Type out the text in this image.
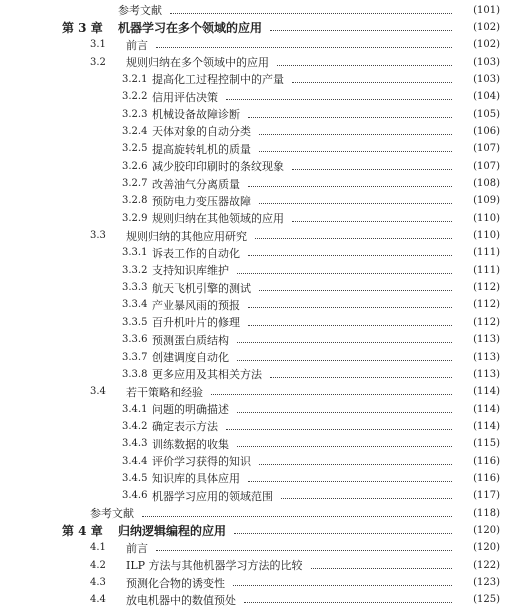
参考文献	(101)
第 3 章	机器学习在多个领域的应用	(102)
3.1	前言	(102)
3.2	规则归纳在多个领域中的应用	(103)
3.2.1 提高化工过程控制中的产量	(103)
3.2.2 信用评估决策	(104)
3.2.3 机械设备故障诊断	(105)
3.2.4 天体对象的自动分类	(106)
3.2.5 提高旋转轧机的质量	(107)
3.2.6 减少胶印印刷时的条纹现象	(107)
3.2.7 改善油气分离质量	(108)
3.2.8 预防电力变压器故障	(109)
3.2.9 规则归纳在其他领域的应用	(110)
3.3	规则归纳的其他应用研究	(110)
3.3.1 诉表工作的自动化	(111)
3.3.2 支持知识库维护	(111)
3.3.3 航天飞机引擎的测试	(112)
3.3.4 产业暴风雨的预报	(112)
3.3.5 百升机叶片的修理	(112)
3.3.6 预测蛋白质结构	(113)
3.3.7 创建调度自动化	(113)
3.3.8 更多应用及其相关方法	(113)
3.4	若干策略和经验	(114)
3.4.1 问题的明确描述	(114)
3.4.2 确定表示方法	(114)
3.4.3 训练数据的收集	(115)
3.4.4 评价学习获得的知识	(116)
3.4.5 知识库的具体应用	(116)
3.4.6 机器学习应用的领域范围	(117)
参考文献	(118)
第 4 章	归纳逻辑编程的应用	(120)
4.1	前言	(120)
4.2	ILP 方法与其他机器学习方法的比较	(122)
4.3	预测化合物的诱变性	(123)
4.4	放电机器中的数值预处	(125)
